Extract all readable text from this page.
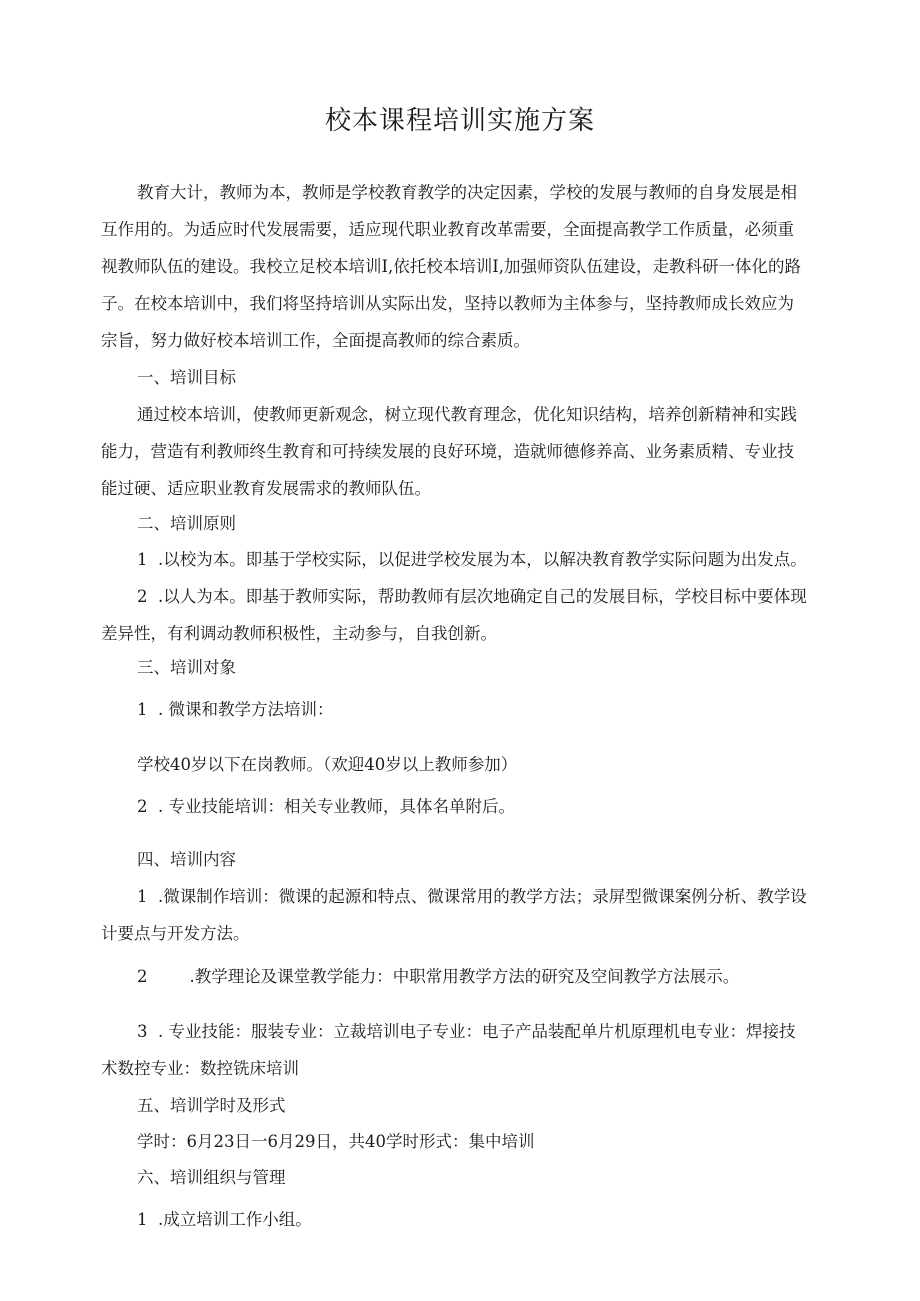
校本课程培训实施方案

教育大计，教师为本，教师是学校教育教学的决定因素，学校的发展与教师的自身发展是相

互作用的。为适应时代发展需要，适应现代职业教育改革需要，全面提高教学工作质量，必须重

视教师队伍的建设。我校立足校本培训Ⅰ,依托校本培训Ⅰ,加强师资队伍建设，走教科研一体化的路

子。在校本培训中，我们将坚持培训从实际出发，坚持以教师为主体参与，坚持教师成长效应为

宗旨，努力做好校本培训工作，全面提高教师的综合素质。

一、培训目标

通过校本培训，使教师更新观念，树立现代教育理念，优化知识结构，培养创新精神和实践

能力，营造有利教师终生教育和可持续发展的良好环境，造就师德修养高、业务素质精、专业技

能过硬、适应职业教育发展需求的教师队伍。

二、培训原则

1  .以校为本。即基于学校实际，以促进学校发展为本，以解决教育教学实际问题为出发点。

2  .以人为本。即基于教师实际，帮助教师有层次地确定自己的发展目标，学校目标中要体现

差异性，有利调动教师积极性，主动参与，自我创新。

三、培训对象

1  . 微课和教学方法培训：

学校40岁以下在岗教师。（欢迎40岁以上教师参加）

2  . 专业技能培训：相关专业教师，具体名单附后。

四、培训内容

1  .微课制作培训：微课的起源和特点、微课常用的教学方法；录屏型微课案例分析、教学设

计要点与开发方法。

2        .教学理论及课堂教学能力：中职常用教学方法的研究及空间教学方法展示。

3  . 专业技能：服装专业：立裁培训电子专业：电子产品装配单片机原理机电专业：焊接技

术数控专业：数控铣床培训

五、培训学时及形式

学时：6月23日一6月29日，共40学时形式：集中培训

六、培训组织与管理

1  .成立培训工作小组。
